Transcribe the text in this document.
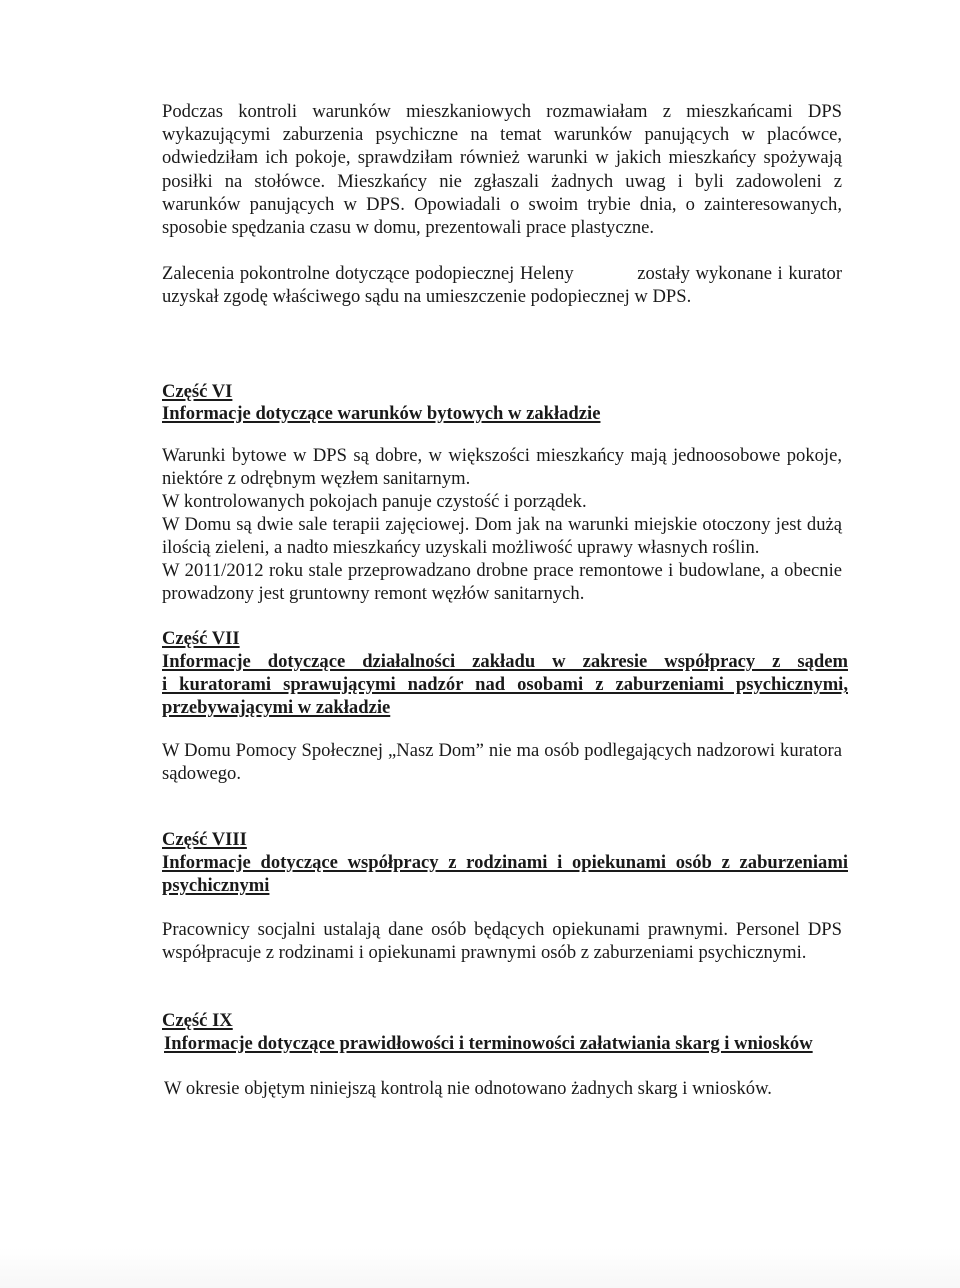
Podczas kontroli warunków mieszkaniowych rozmawiałam z mieszkańcami DPS wykazującymi zaburzenia psychiczne na temat warunków panujących w placówce, odwiedziłam ich pokoje, sprawdziłam również warunki w jakich mieszkańcy spożywają posiłki na stołówce. Mieszkańcy nie zgłaszali żadnych uwag i byli zadowoleni z warunków panujących w DPS. Opowiadali o swoim trybie dnia, o zainteresowanych, sposobie spędzania czasu w domu, prezentowali prace plastyczne.

Zalecenia pokontrolne dotyczące podopiecznej Heleny	zostały wykonane i kurator uzyskał zgodę właściwego sądu na umieszczenie podopiecznej w DPS.

Część VI
Informacje dotyczące warunków bytowych w zakładzie

Warunki bytowe w DPS są dobre, w większości mieszkańcy mają jednoosobowe pokoje, niektóre z odrębnym węzłem sanitarnym.

W kontrolowanych pokojach panuje czystość i porządek.

W Domu są dwie sale terapii zajęciowej. Dom jak na warunki miejskie otoczony jest dużą ilością zieleni, a nadto mieszkańcy uzyskali możliwość uprawy własnych roślin.

W 2011/2012 roku stale przeprowadzano drobne prace remontowe i budowlane, a obecnie prowadzony jest gruntowny remont węzłów sanitarnych.

Część VII
Informacje dotyczące działalności zakładu w zakresie współpracy z sądem
i kuratorami sprawującymi nadzór nad osobami z zaburzeniami psychicznymi,
przebywającymi w zakładzie

W Domu Pomocy Społecznej „Nasz Dom” nie ma osób podlegających nadzorowi kuratora sądowego.

Część VIII
Informacje dotyczące współpracy z rodzinami i opiekunami osób z zaburzeniami
psychicznymi

Pracownicy socjalni ustalają dane osób będących opiekunami prawnymi. Personel DPS współpracuje z rodzinami i opiekunami prawnymi osób z zaburzeniami psychicznymi.

Część IX
Informacje dotyczące prawidłowości i terminowości załatwiania skarg i wniosków

W okresie objętym niniejszą kontrolą nie odnotowano żadnych skarg i wniosków.
